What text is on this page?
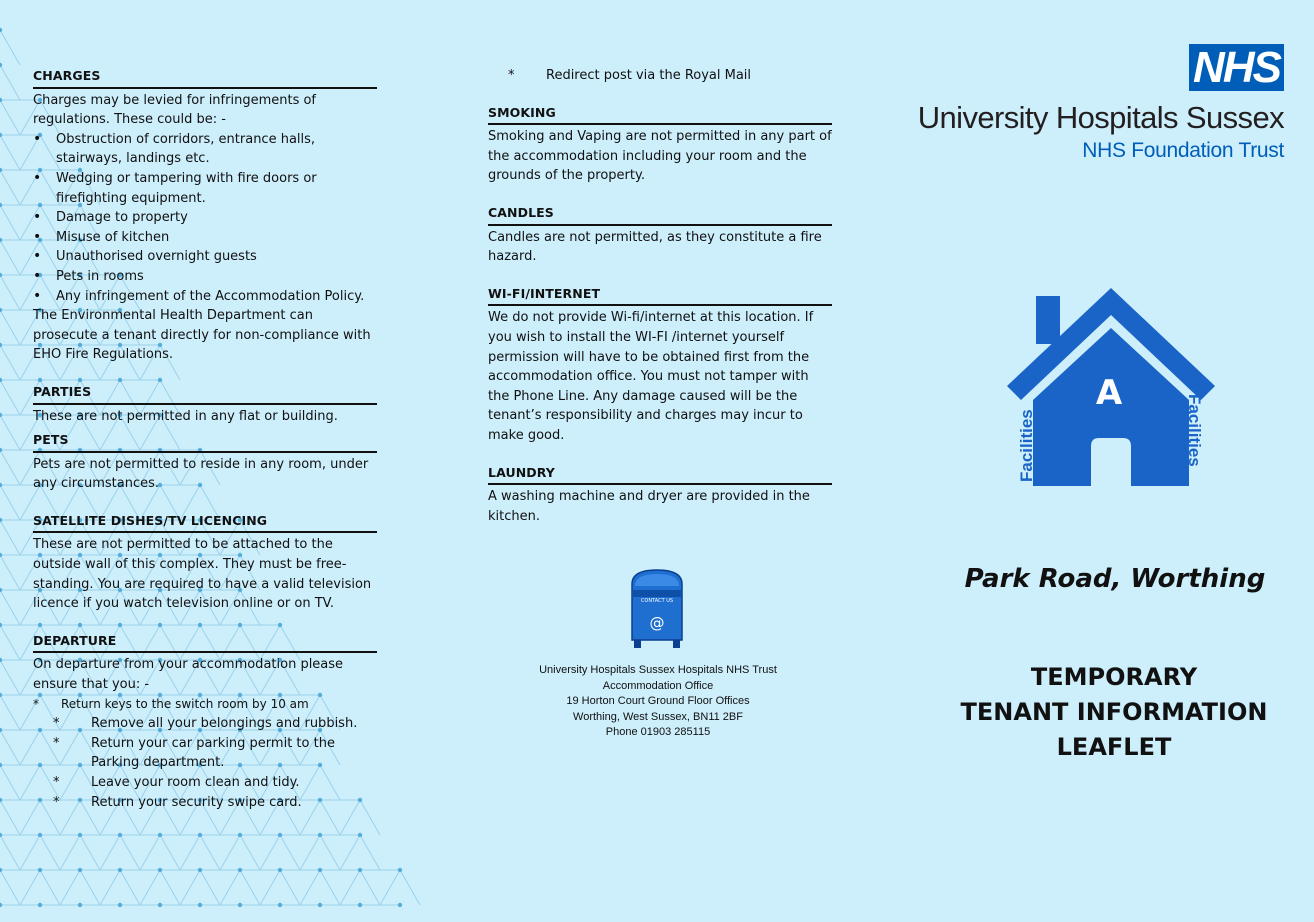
CHARGES

Charges may be levied for infringements of regulations. These could be: -

• Obstruction of corridors, entrance halls, stairways, landings etc.
• Wedging or tampering with fire doors or firefighting equipment.
• Damage to property
• Misuse of kitchen
• Unauthorised overnight guests
• Pets in rooms
• Any infringement of the Accommodation Policy.

The Environmental Health Department can prosecute a tenant directly for non-compliance with EHO Fire Regulations.

PARTIES

These are not permitted in any flat or building.

PETS

Pets are not permitted to reside in any room, under any circumstances.

SATELLITE DISHES/TV LICENCING

These are not permitted to be attached to the outside wall of this complex. They must be free-standing. You are required to have a valid television licence if you watch television online or on TV.

DEPARTURE

On departure from your accommodation please ensure that you: -

* Return keys to the switch room by 10 am
* Remove all your belongings and rubbish.
* Return your car parking permit to the Parking department.
* Leave your room clean and tidy.
* Return your security swipe card.
* Redirect post via the Royal Mail
SMOKING

Smoking and Vaping are not permitted in any part of the accommodation including your room and the grounds of the property.

CANDLES

Candles are not permitted, as they constitute a fire hazard.

WI-FI/INTERNET

We do not provide Wi-fi/internet at this location. If you wish to install the WI-FI /internet yourself permission will have to be obtained first from the accommodation office. You must not tamper with the Phone Line. Any damage caused will be the tenant’s responsibility and charges may incur to make good.

LAUNDRY

A washing machine and dryer are provided in the kitchen.

CONTACT US
@
University Hospitals Sussex Hospitals NHS Trust
Accommodation Office
19 Horton Court Ground Floor Offices
Worthing, West Sussex, BN11 2BF
Phone 01903 285115
NHS
University Hospitals Sussex
NHS Foundation Trust
A
Facilities	Facilities
Park Road, Worthing
TEMPORARY
TENANT INFORMATION
LEAFLET
